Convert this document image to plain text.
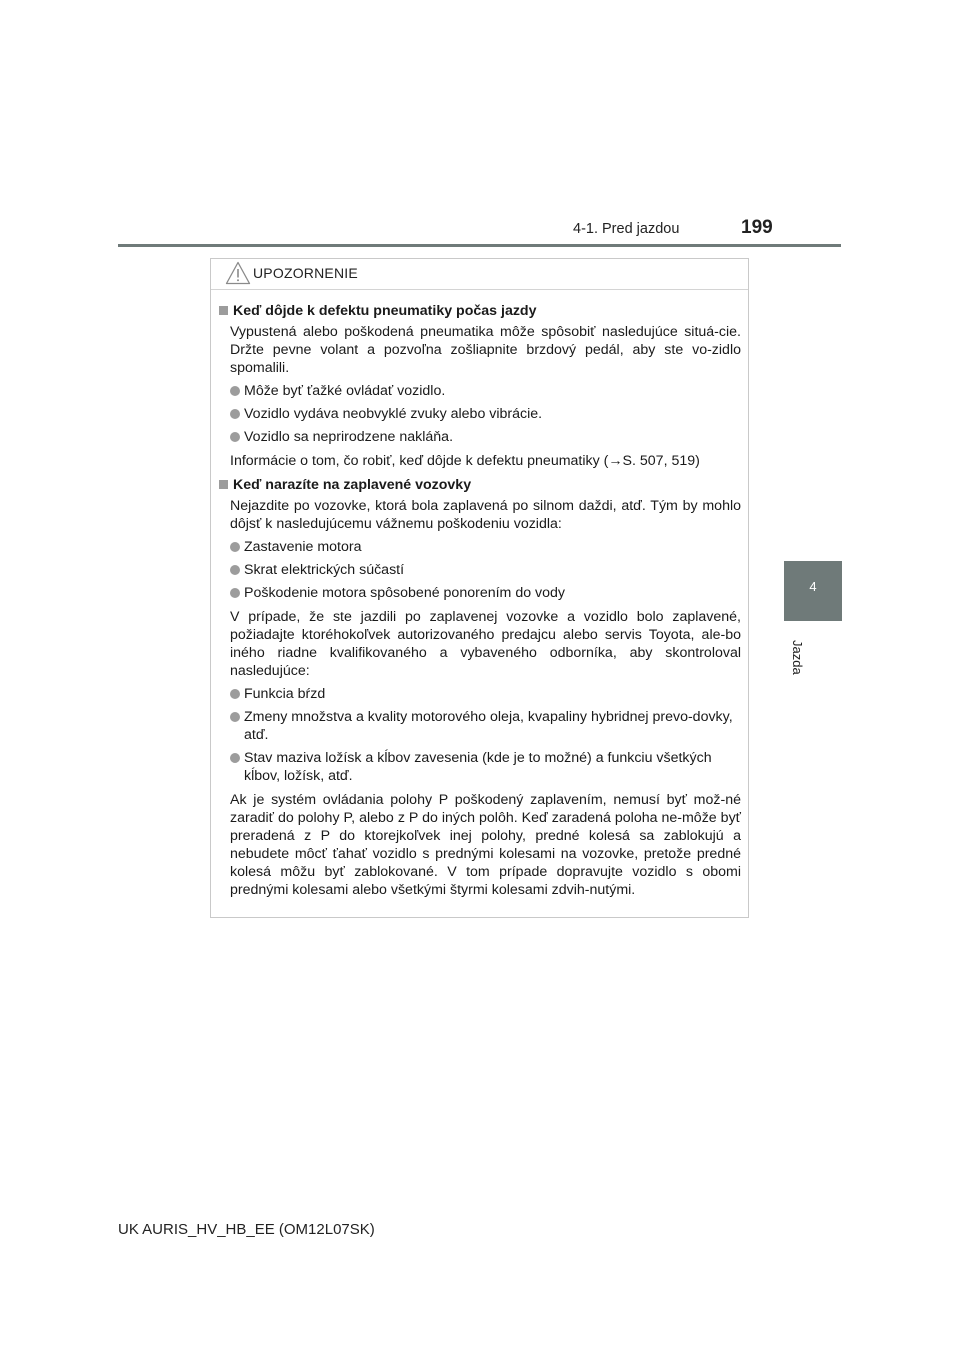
4-1. Pred jazdou	199
4
Jazda
UPOZORNENIE
Keď dôjde k defektu pneumatiky počas jazdy

Vypustená alebo poškodená pneumatika môže spôsobiť nasledujúce situá-cie. Držte pevne volant a pozvoľna zošliapnite brzdový pedál, aby ste vo-zidlo spomalili.

Môže byť ťažké ovládať vozidlo.
Vozidlo vydáva neobvyklé zvuky alebo vibrácie.
Vozidlo sa neprirodzene nakláňa.

Informácie o tom, čo robiť, keď dôjde k defektu pneumatiky (→S. 507, 519)

Keď narazíte na zaplavené vozovky

Nejazdite po vozovke, ktorá bola zaplavená po silnom daždi, atď. Tým by mohlo dôjsť k nasledujúcemu vážnemu poškodeniu vozidla:

Zastavenie motora
Skrat elektrických súčastí
Poškodenie motora spôsobené ponorením do vody

V prípade, že ste jazdili po zaplavenej vozovke a vozidlo bolo zaplavené, požiadajte ktoréhokoľvek autorizovaného predajcu alebo servis Toyota, ale-bo iného riadne kvalifikovaného a vybaveného odborníka, aby skontroloval nasledujúce:

Funkcia bŕzd
Zmeny množstva a kvality motorového oleja, kvapaliny hybridnej prevo-dovky, atď.
Stav maziva ložísk a kĺbov zavesenia (kde je to možné) a funkciu všetkých kĺbov, ložísk, atď.

Ak je systém ovládania polohy P poškodený zaplavením, nemusí byť mož-né zaradiť do polohy P, alebo z P do iných polôh. Keď zaradená poloha ne-môže byť preradená z P do ktorejkoľvek inej polohy, predné kolesá sa zablokujú a nebudete môcť ťahať vozidlo s prednými kolesami na vozovke, pretože predné kolesá môžu byť zablokované. V tom prípade dopravujte vozidlo s obomi prednými kolesami alebo všetkými štyrmi kolesami zdvih-nutými.

UK AURIS_HV_HB_EE (OM12L07SK)
